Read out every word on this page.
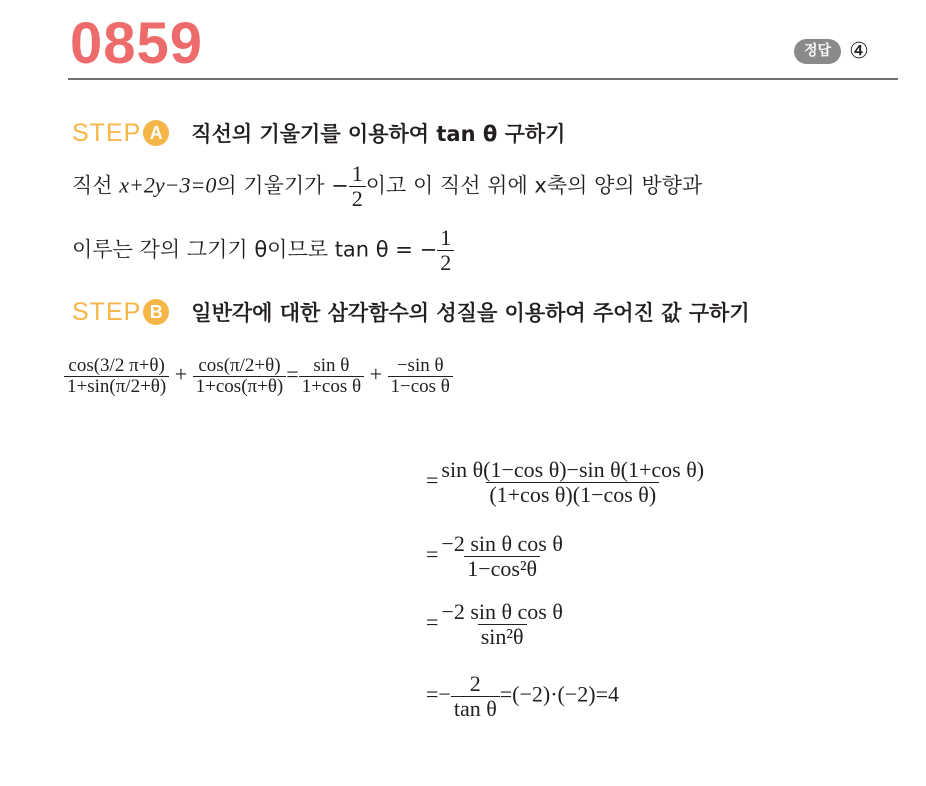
0859	정답 ④
STEP A	직선의 기울기를 이용하여 tan θ 구하기
직선 x+2y−3=0의 기울기가 − $\frac{1}{2}$ 이고 이 직선 위에 x축의 양의 방향과
이루는 각의 그기기 θ이므로 tan θ = − $\frac{1}{2}$
STEP B	일반각에 대한 삼각함수의 성질을 이용하여 주어진 값 구하기
$\frac{\cos(3/2 \pi+\theta)}{1+\sin(\pi/2+\theta)} + \frac{\cos(\pi/2+\theta)}{1+\cos(\pi+\theta)} = \frac{\text{sin θ}}{\text{1+cos θ}} + \frac{\text{−sin θ}}{\text{1−cos θ}}$
= $\frac{\text{sin θ(1−cos θ)−sin θ(1+cos θ)}}{\text{(1+cos θ)(1−cos θ)}}$
= $\frac{\text{−2 sin θ cos θ}}{\text{1−cos²θ}}$
= $\frac{\text{−2 sin θ cos θ}}{\text{sin²θ}}$
=− $\frac{2}{\text{tan θ}} =(-2)\cdot(-2)=4$
